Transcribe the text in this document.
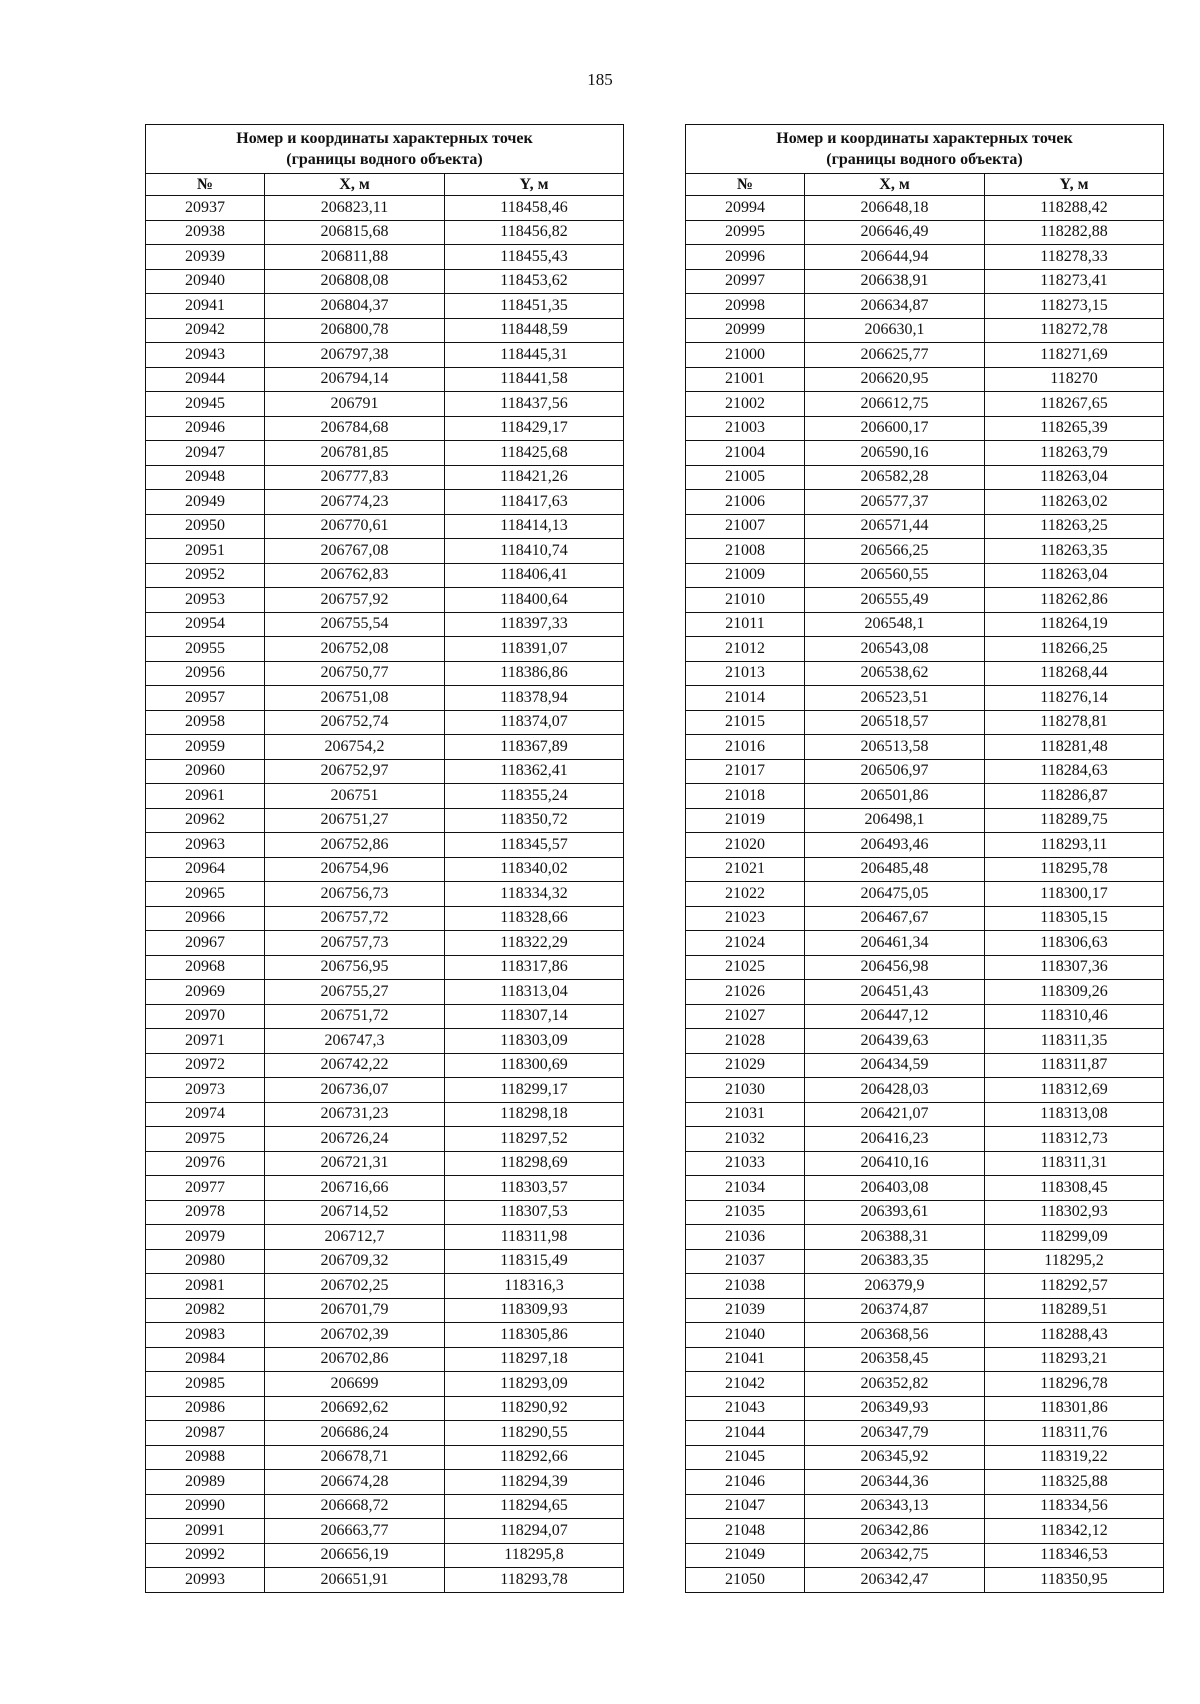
185
Номер и координаты характерных точек
(границы водного объекта)		

№	X, м	Y, м
20937	206823,11	118458,46
20938	206815,68	118456,82
20939	206811,88	118455,43
20940	206808,08	118453,62
20941	206804,37	118451,35
20942	206800,78	118448,59
20943	206797,38	118445,31
20944	206794,14	118441,58
20945	206791	118437,56
20946	206784,68	118429,17
20947	206781,85	118425,68
20948	206777,83	118421,26
20949	206774,23	118417,63
20950	206770,61	118414,13
20951	206767,08	118410,74
20952	206762,83	118406,41
20953	206757,92	118400,64
20954	206755,54	118397,33
20955	206752,08	118391,07
20956	206750,77	118386,86
20957	206751,08	118378,94
20958	206752,74	118374,07
20959	206754,2	118367,89
20960	206752,97	118362,41
20961	206751	118355,24
20962	206751,27	118350,72
20963	206752,86	118345,57
20964	206754,96	118340,02
20965	206756,73	118334,32
20966	206757,72	118328,66
20967	206757,73	118322,29
20968	206756,95	118317,86
20969	206755,27	118313,04
20970	206751,72	118307,14
20971	206747,3	118303,09
20972	206742,22	118300,69
20973	206736,07	118299,17
20974	206731,23	118298,18
20975	206726,24	118297,52
20976	206721,31	118298,69
20977	206716,66	118303,57
20978	206714,52	118307,53
20979	206712,7	118311,98
20980	206709,32	118315,49
20981	206702,25	118316,3
20982	206701,79	118309,93
20983	206702,39	118305,86
20984	206702,86	118297,18
20985	206699	118293,09
20986	206692,62	118290,92
20987	206686,24	118290,55
20988	206678,71	118292,66
20989	206674,28	118294,39
20990	206668,72	118294,65
20991	206663,77	118294,07
20992	206656,19	118295,8
20993	206651,91	118293,78
Номер и координаты характерных точек
(границы водного объекта)		

№	X, м	Y, м
20994	206648,18	118288,42
20995	206646,49	118282,88
20996	206644,94	118278,33
20997	206638,91	118273,41
20998	206634,87	118273,15
20999	206630,1	118272,78
21000	206625,77	118271,69
21001	206620,95	118270
21002	206612,75	118267,65
21003	206600,17	118265,39
21004	206590,16	118263,79
21005	206582,28	118263,04
21006	206577,37	118263,02
21007	206571,44	118263,25
21008	206566,25	118263,35
21009	206560,55	118263,04
21010	206555,49	118262,86
21011	206548,1	118264,19
21012	206543,08	118266,25
21013	206538,62	118268,44
21014	206523,51	118276,14
21015	206518,57	118278,81
21016	206513,58	118281,48
21017	206506,97	118284,63
21018	206501,86	118286,87
21019	206498,1	118289,75
21020	206493,46	118293,11
21021	206485,48	118295,78
21022	206475,05	118300,17
21023	206467,67	118305,15
21024	206461,34	118306,63
21025	206456,98	118307,36
21026	206451,43	118309,26
21027	206447,12	118310,46
21028	206439,63	118311,35
21029	206434,59	118311,87
21030	206428,03	118312,69
21031	206421,07	118313,08
21032	206416,23	118312,73
21033	206410,16	118311,31
21034	206403,08	118308,45
21035	206393,61	118302,93
21036	206388,31	118299,09
21037	206383,35	118295,2
21038	206379,9	118292,57
21039	206374,87	118289,51
21040	206368,56	118288,43
21041	206358,45	118293,21
21042	206352,82	118296,78
21043	206349,93	118301,86
21044	206347,79	118311,76
21045	206345,92	118319,22
21046	206344,36	118325,88
21047	206343,13	118334,56
21048	206342,86	118342,12
21049	206342,75	118346,53
21050	206342,47	118350,95
